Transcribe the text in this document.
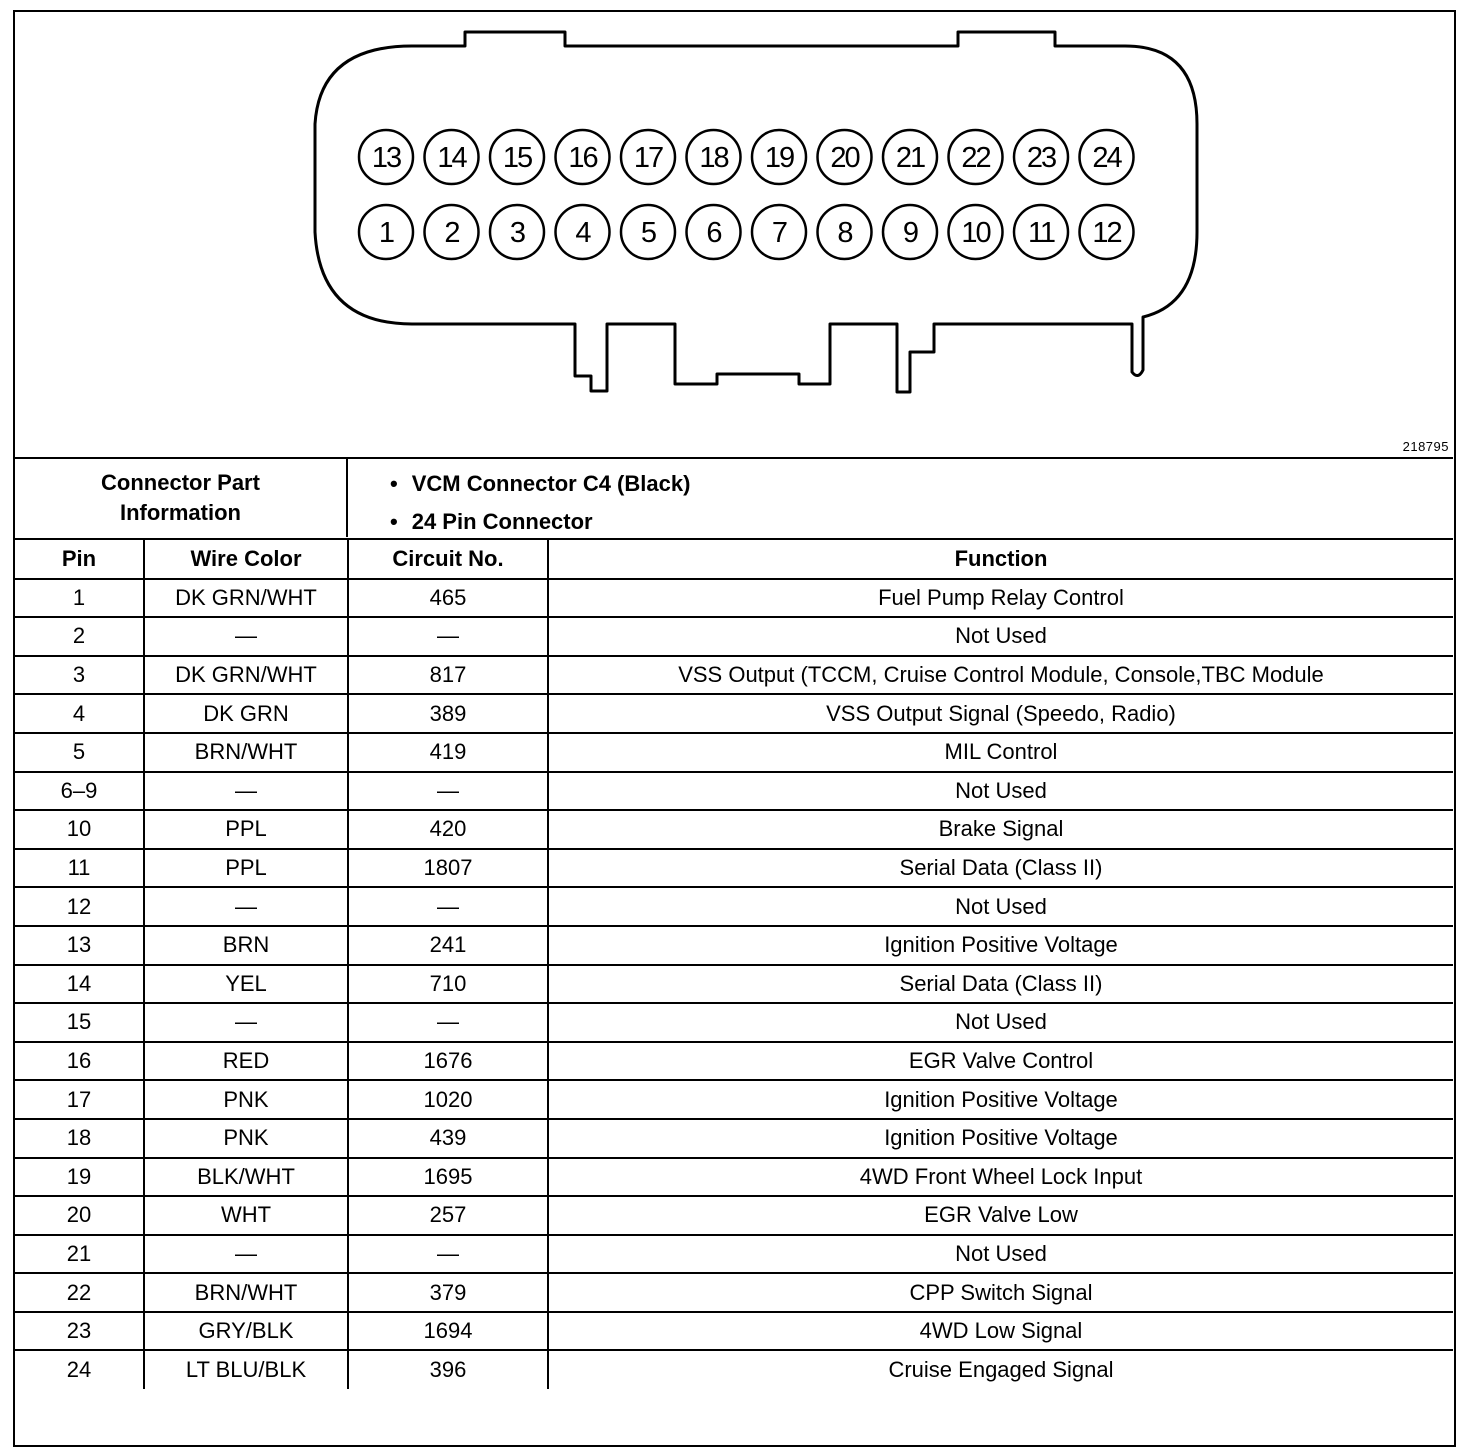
13 14 15 16 17 18 19 20 21 22 23 24
1 2 3 4 5 6 7 8 9 10 11 12
218795
Connector Part
Information
• VCM Connector C4 (Black)
• 24 Pin Connector
Pin	Wire Color	Circuit No.	Function
1	DK GRN/WHT	465	Fuel Pump Relay Control
2	—	—	Not Used
3	DK GRN/WHT	817	VSS Output (TCCM, Cruise Control Module, Console,TBC Module
4	DK GRN	389	VSS Output Signal (Speedo, Radio)
5	BRN/WHT	419	MIL Control
6–9	—	—	Not Used
10	PPL	420	Brake Signal
11	PPL	1807	Serial Data (Class II)
12	—	—	Not Used
13	BRN	241	Ignition Positive Voltage
14	YEL	710	Serial Data (Class II)
15	—	—	Not Used
16	RED	1676	EGR Valve Control
17	PNK	1020	Ignition Positive Voltage
18	PNK	439	Ignition Positive Voltage
19	BLK/WHT	1695	4WD Front Wheel Lock Input
20	WHT	257	EGR Valve Low
21	—	—	Not Used
22	BRN/WHT	379	CPP Switch Signal
23	GRY/BLK	1694	4WD Low Signal
24	LT BLU/BLK	396	Cruise Engaged Signal
